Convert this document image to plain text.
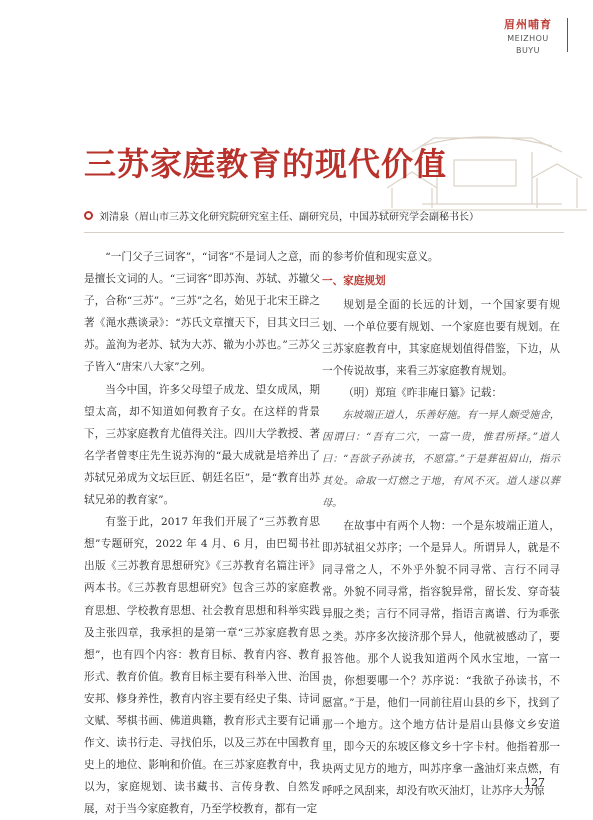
眉州哺育
MEIZHOU BUYU
三苏家庭教育的现代价值
刘清泉（眉山市三苏文化研究院研究室主任、副研究员，中国苏轼研究学会副秘书长）

“一门父子三词客”，“词客”不是词人之意，而是擅长文词的人。“三词客”即苏洵、苏轼、苏辙父子，合称“三苏”。“三苏”之名，始见于北宋王辟之著《渑水燕谈录》：“苏氏文章擅天下，目其文曰三苏。盖洵为老苏、轼为大苏、辙为小苏也。”三苏父子皆入“唐宋八大家”之列。

当今中国，许多父母望子成龙、望女成凤，期望太高，却不知道如何教育子女。在这样的背景下，三苏家庭教育尤值得关注。四川大学教授、著名学者曾枣庄先生说苏洵的“最大成就是培养出了苏轼兄弟成为文坛巨匠、朝廷名臣”，是“教育出苏轼兄弟的教育家”。

有鉴于此，2017 年我们开展了“三苏教育思想”专题研究，2022 年 4 月、6 月，由巴蜀书社出版《三苏教育思想研究》《三苏教育名篇注评》两本书。《三苏教育思想研究》包含三苏的家庭教育思想、学校教育思想、社会教育思想和科举实践及主张四章，我承担的是第一章“三苏家庭教育思想”，也有四个内容：教育目标、教育内容、教育形式、教育价值。教育目标主要有科举入世、治国安邦、修身养性，教育内容主要有经史子集、诗词文赋、琴棋书画、佛道典籍，教育形式主要有记诵作文、读书行走、寻找伯乐，以及三苏在中国教育史上的地位、影响和价值。在三苏家庭教育中，我以为，家庭规划、读书藏书、言传身教、自然发展，对于当今家庭教育，乃至学校教育，都有一定

的参考价值和现实意义。

一、家庭规划

规划是全面的长远的计划，一个国家要有规划、一个单位要有规划、一个家庭也要有规划。在三苏家庭教育中，其家庭规划值得借鉴，下边，从一个传说故事，来看三苏家庭教育规划。

（明）郑瑄《昨非庵日纂》记载：

东坡端正道人，乐善好施。有一异人颇受施舍，因谓曰：“吾有二穴，一富一贵，惟君所择。”道人曰：“吾欲子孙读书，不愿富。”于是葬祖眉山，指示其处。命取一灯燃之于地，有风不灭。道人遂以葬母。

在故事中有两个人物：一个是东坡端正道人，即苏轼祖父苏序；一个是异人。所谓异人，就是不同寻常之人，不外乎外貌不同寻常、言行不同寻常。外貌不同寻常，指容貌异常，留长发、穿奇装异服之类；言行不同寻常，指语言离谱、行为乖张之类。苏序多次接济那个异人，他就被感动了，要报答他。那个人说我知道两个风水宝地，一富一贵，你想要哪一个？苏序说：“我欲子孙读书，不愿富。”于是，他们一同前往眉山县的乡下，找到了那一个地方。这个地方估计是眉山县修文乡安道里，即今天的东坡区修文乡十字卡村。他指着那一块两丈见方的地方，叫苏序拿一盏油灯来点燃，有呼呼之风刮来，却没有吹灭油灯，让苏序大为惊

127
